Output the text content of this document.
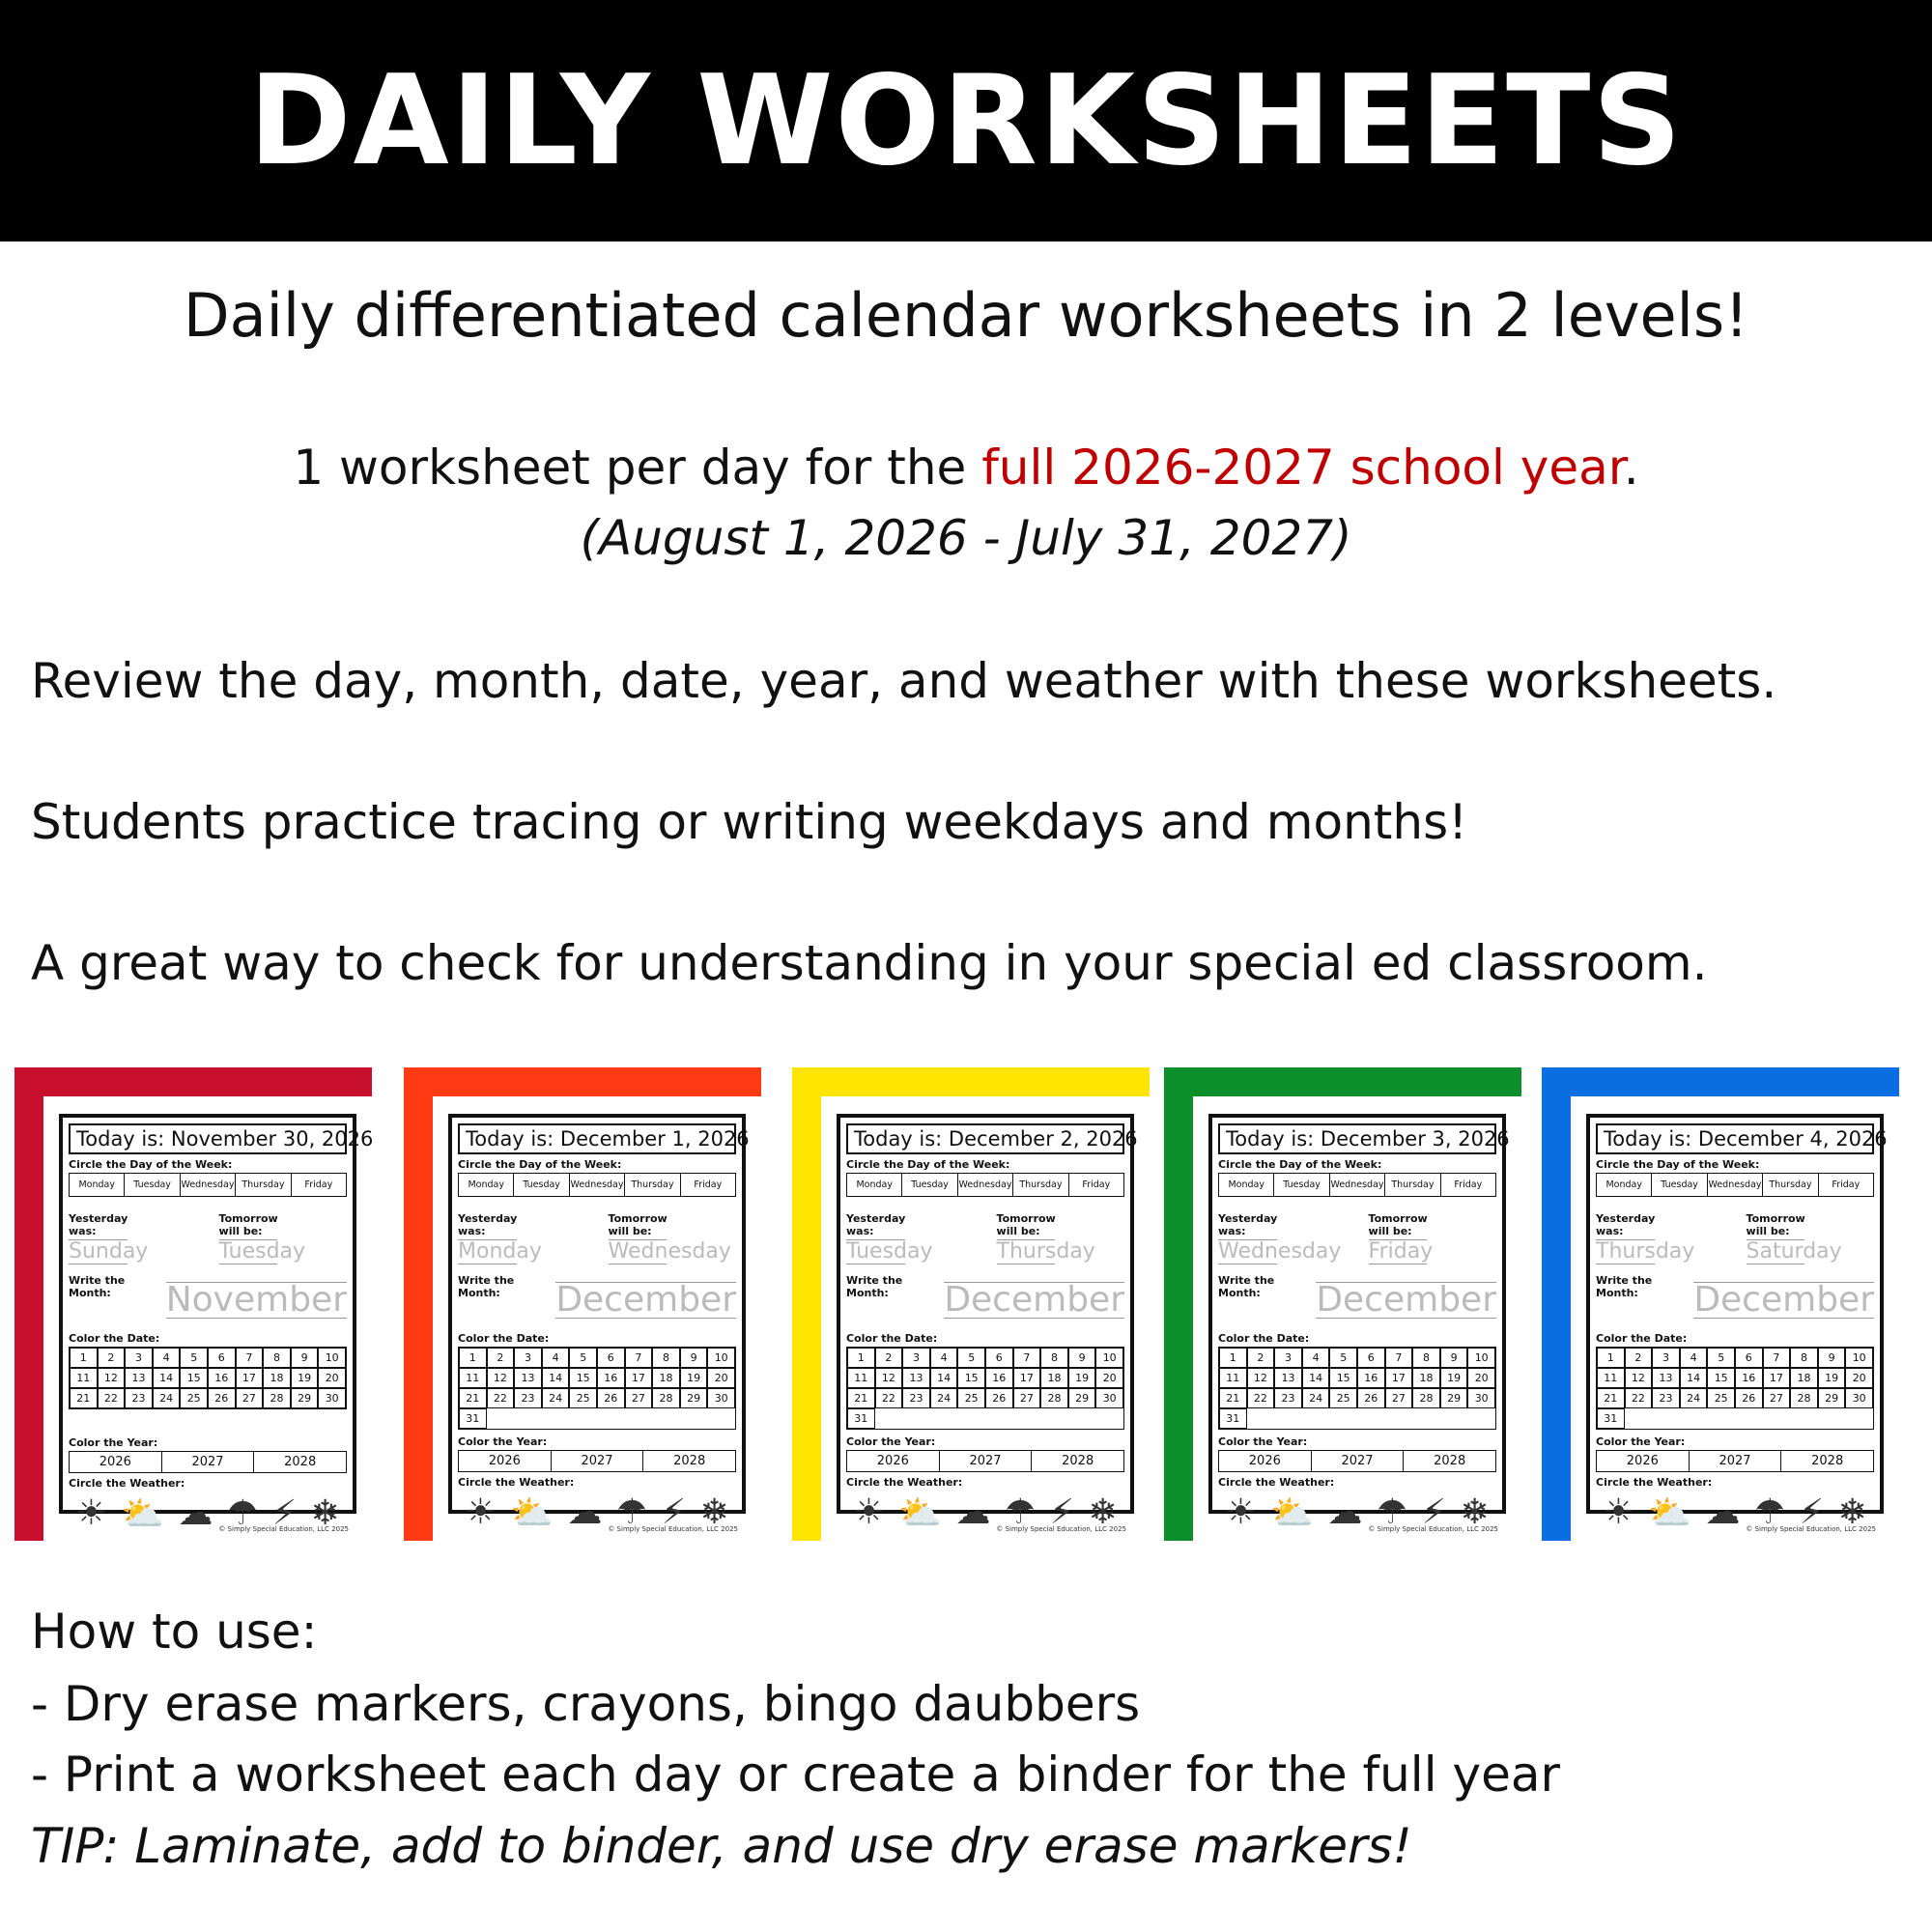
DAILY WORKSHEETS
Daily differentiated calendar worksheets in 2 levels!
1 worksheet per day for the full 2026-2027 school year.
(August 1, 2026 - July 31, 2027)
Review the day, month, date, year, and weather with these worksheets.
Students practice tracing or writing weekdays and months!
A great way to check for understanding in your special ed classroom.
Today is: November 30, 2026
Circle the Day of the Week:
Monday	Tuesday	Wednesday Thursday	Friday
Yesterday was:
Sunday
Tomorrow will be:
Tuesday
Write the Month:	November
Color the Date:
1	2	3	4	5	6	7	8	9	10
11	12	13	14	15	16	17	18	19	20
21	22	23	24	25	26	27	28	29	30
Color the Year:
2026	2027	2028
Circle the Weather:
☀ ⛅ ☁ ☂ ⚡ ❄
© Simply Special Education, LLC 2025
Today is: December 1, 2026
Circle the Day of the Week:
Monday	Tuesday	Wednesday Thursday	Friday
Yesterday was:
Monday
Tomorrow will be:
Wednesday
Write the Month:	December
Color the Date:
1	2	3	4	5	6	7	8	9	10
11	12	13	14	15	16	17	18	19	20
21	22	23	24	25	26	27	28	29	30
31
Color the Year:
2026	2027	2028
Circle the Weather:
☀ ⛅ ☁ ☂ ⚡ ❄
© Simply Special Education, LLC 2025
Today is: December 2, 2026
Circle the Day of the Week:
Monday	Tuesday	Wednesday Thursday	Friday
Yesterday was:
Tuesday
Tomorrow will be:
Thursday
Write the Month:	December
Color the Date:
1	2	3	4	5	6	7	8	9	10
11	12	13	14	15	16	17	18	19	20
21	22	23	24	25	26	27	28	29	30
31
Color the Year:
2026	2027	2028
Circle the Weather:
☀ ⛅ ☁ ☂ ⚡ ❄
© Simply Special Education, LLC 2025
Today is: December 3, 2026
Circle the Day of the Week:
Monday	Tuesday	Wednesday Thursday	Friday
Yesterday was:
Wednesday
Tomorrow will be:
Friday
Write the Month:	December
Color the Date:
1	2	3	4	5	6	7	8	9	10
11	12	13	14	15	16	17	18	19	20
21	22	23	24	25	26	27	28	29	30
31
Color the Year:
2026	2027	2028
Circle the Weather:
☀ ⛅ ☁ ☂ ⚡ ❄
© Simply Special Education, LLC 2025
Today is: December 4, 2026
Circle the Day of the Week:
Monday	Tuesday	Wednesday Thursday	Friday
Yesterday was:
Thursday
Tomorrow will be:
Saturday
Write the Month:	December
Color the Date:
1	2	3	4	5	6	7	8	9	10
11	12	13	14	15	16	17	18	19	20
21	22	23	24	25	26	27	28	29	30
31
Color the Year:
2026	2027	2028
Circle the Weather:
☀ ⛅ ☁ ☂ ⚡ ❄
© Simply Special Education, LLC 2025
How to use:
- Dry erase markers, crayons, bingo daubbers
- Print a worksheet each day or create a binder for the full year
TIP: Laminate, add to binder, and use dry erase markers!
